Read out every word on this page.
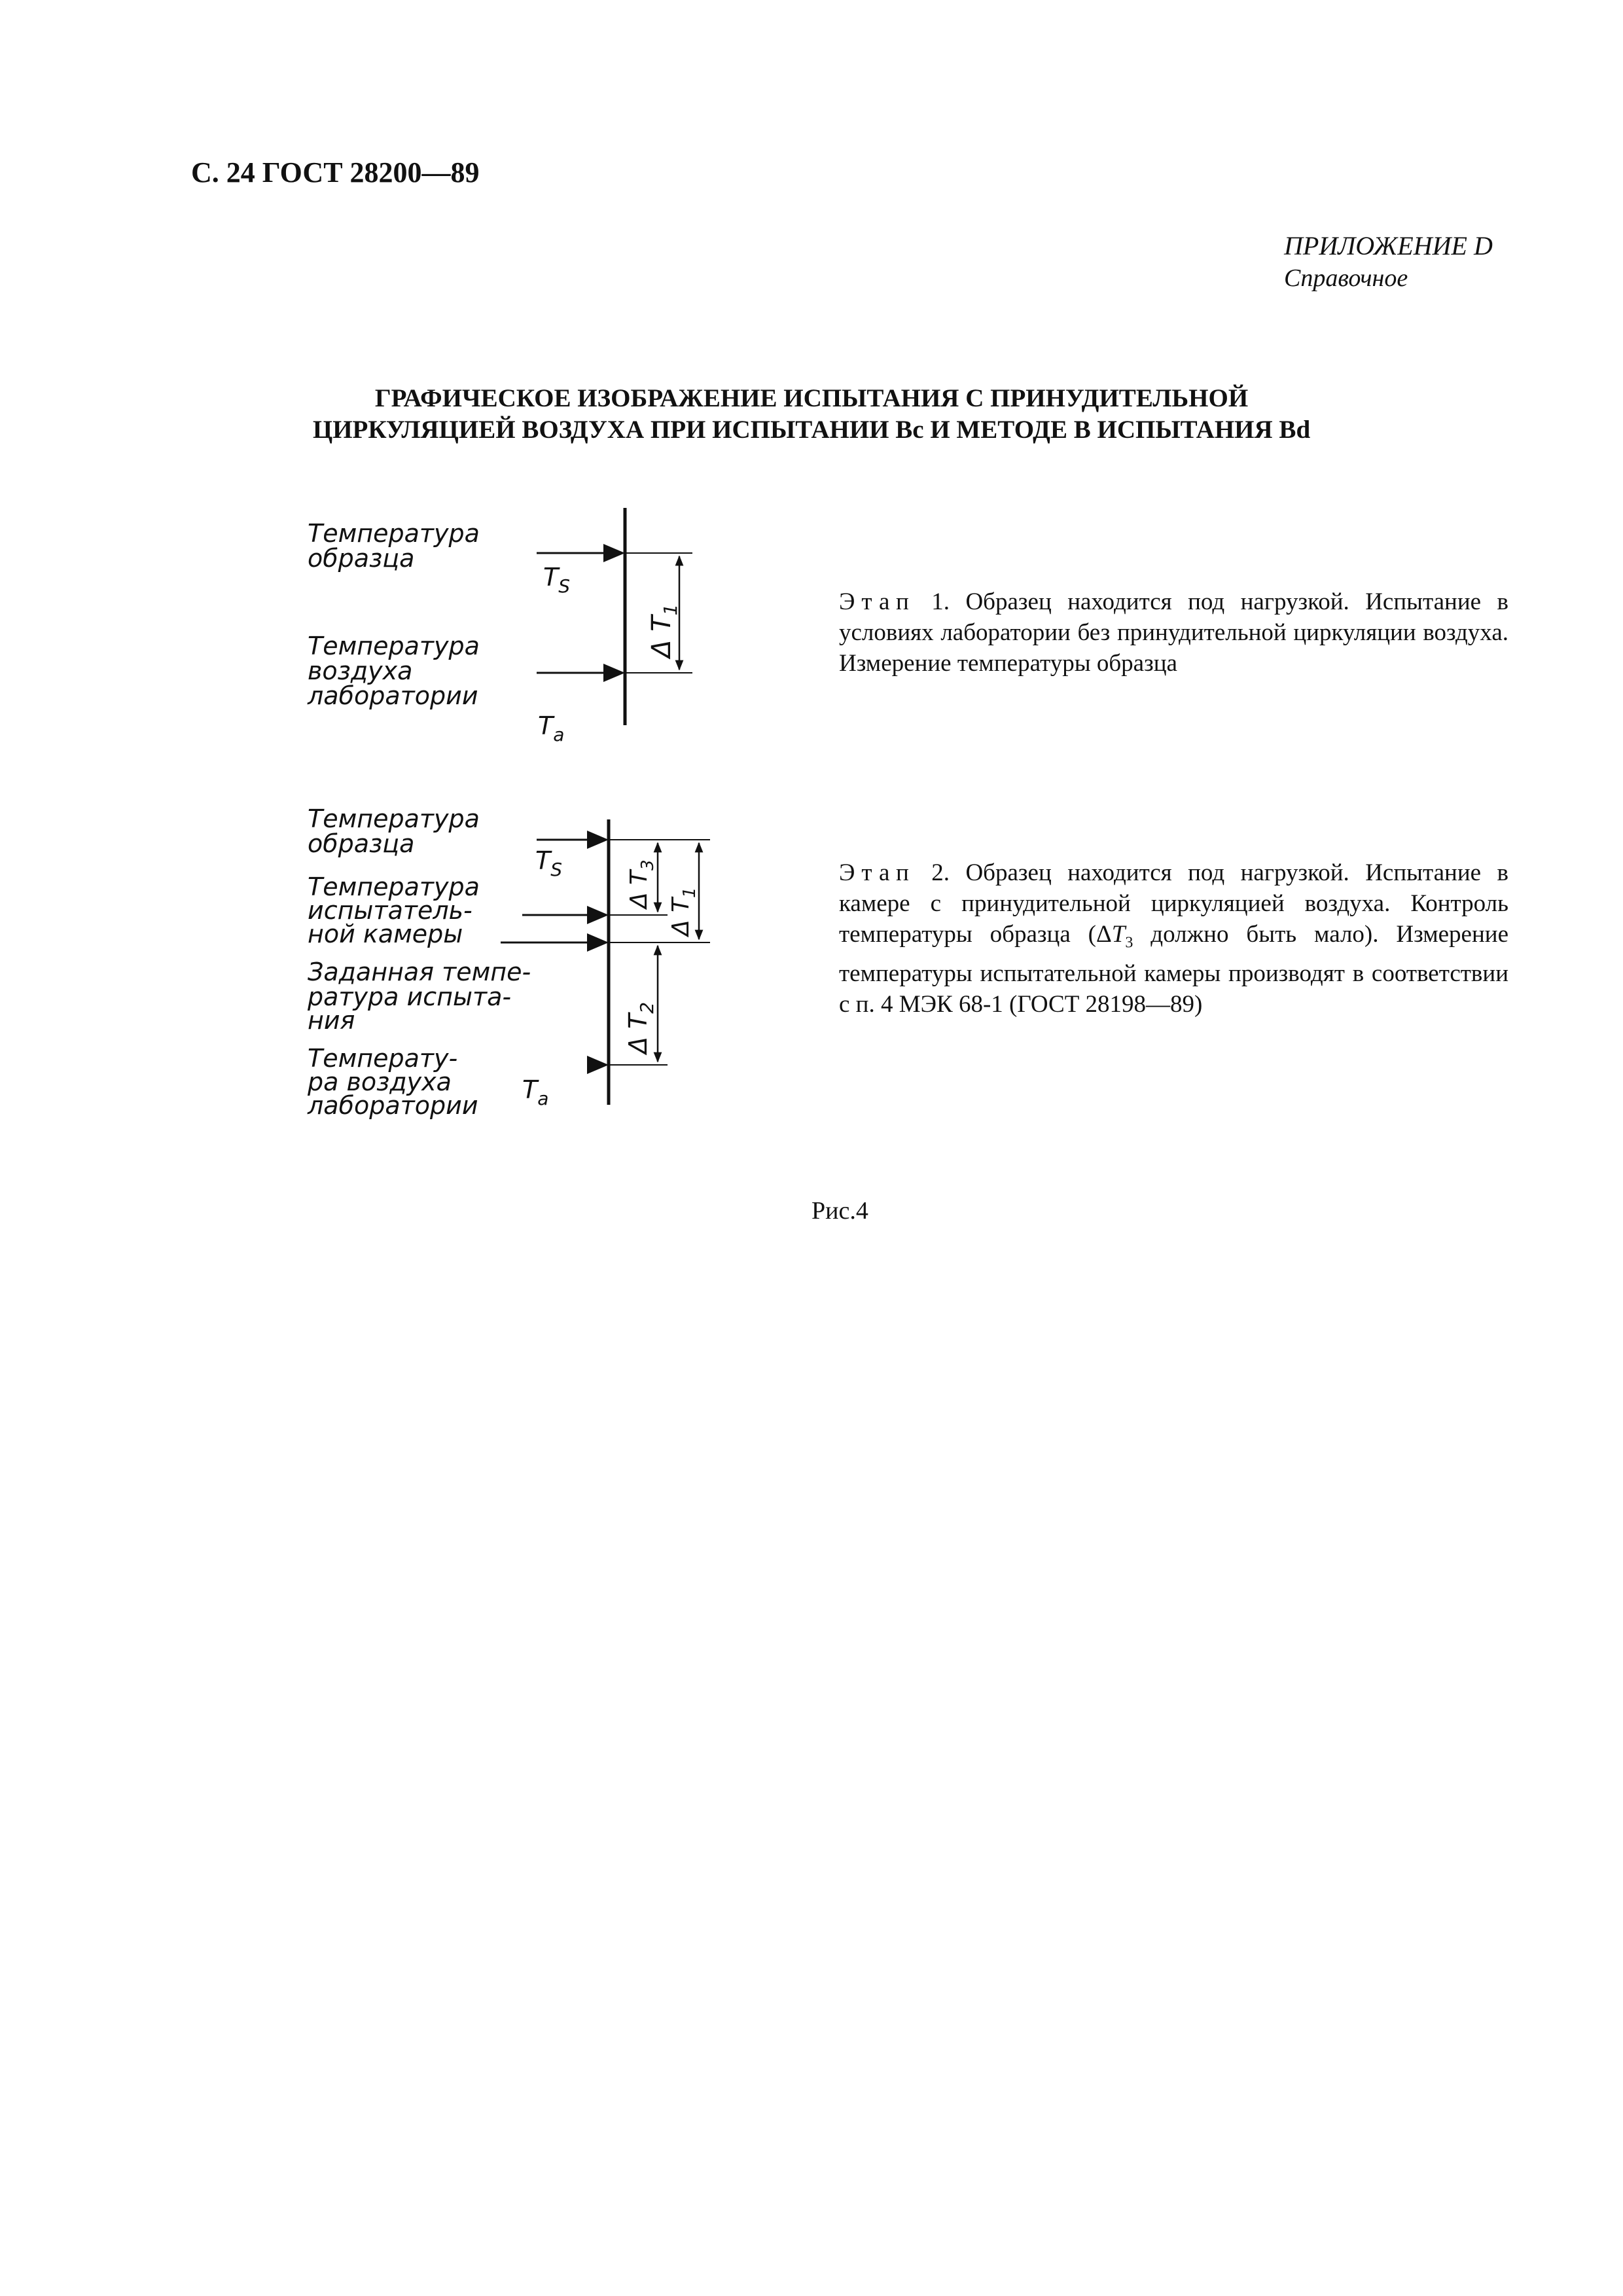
С. 24 ГОСТ 28200—89
ПРИЛОЖЕНИЕ D
Справочное
ГРАФИЧЕСКОЕ ИЗОБРАЖЕНИЕ ИСПЫТАНИЯ С ПРИНУДИТЕЛЬНОЙ
ЦИРКУЛЯЦИЕЙ ВОЗДУХА ПРИ ИСПЫТАНИИ Вс И МЕТОДЕ В ИСПЫТАНИЯ Bd
Температура
образца
Температура
воздуха
лаборатории
$T_S$
$T_a$
Δ $T_1$
Температура
образца
Температура
испытатель-
ной камеры
Заданная темпе-
ратура испыта-
ния
Температу-
ра воздуха
лаборатории
$T_S$
$T_a$
Δ $T_3$
Δ $T_1$
Δ $T_2$
Этап 1. Образец находится под нагрузкой. Испытание в условиях лаборатории без принудительной циркуляции воздуха. Измерение температуры образца
Этап 2. Образец находится под нагрузкой. Испытание в камере с принудительной циркуляцией воздуха. Контроль температуры образца ($\Delta T_3$ должно быть мало). Измерение температуры испытательной камеры производят в соответствии с п. 4 МЭК 68-1 (ГОСТ 28198—89)
Рис.4
